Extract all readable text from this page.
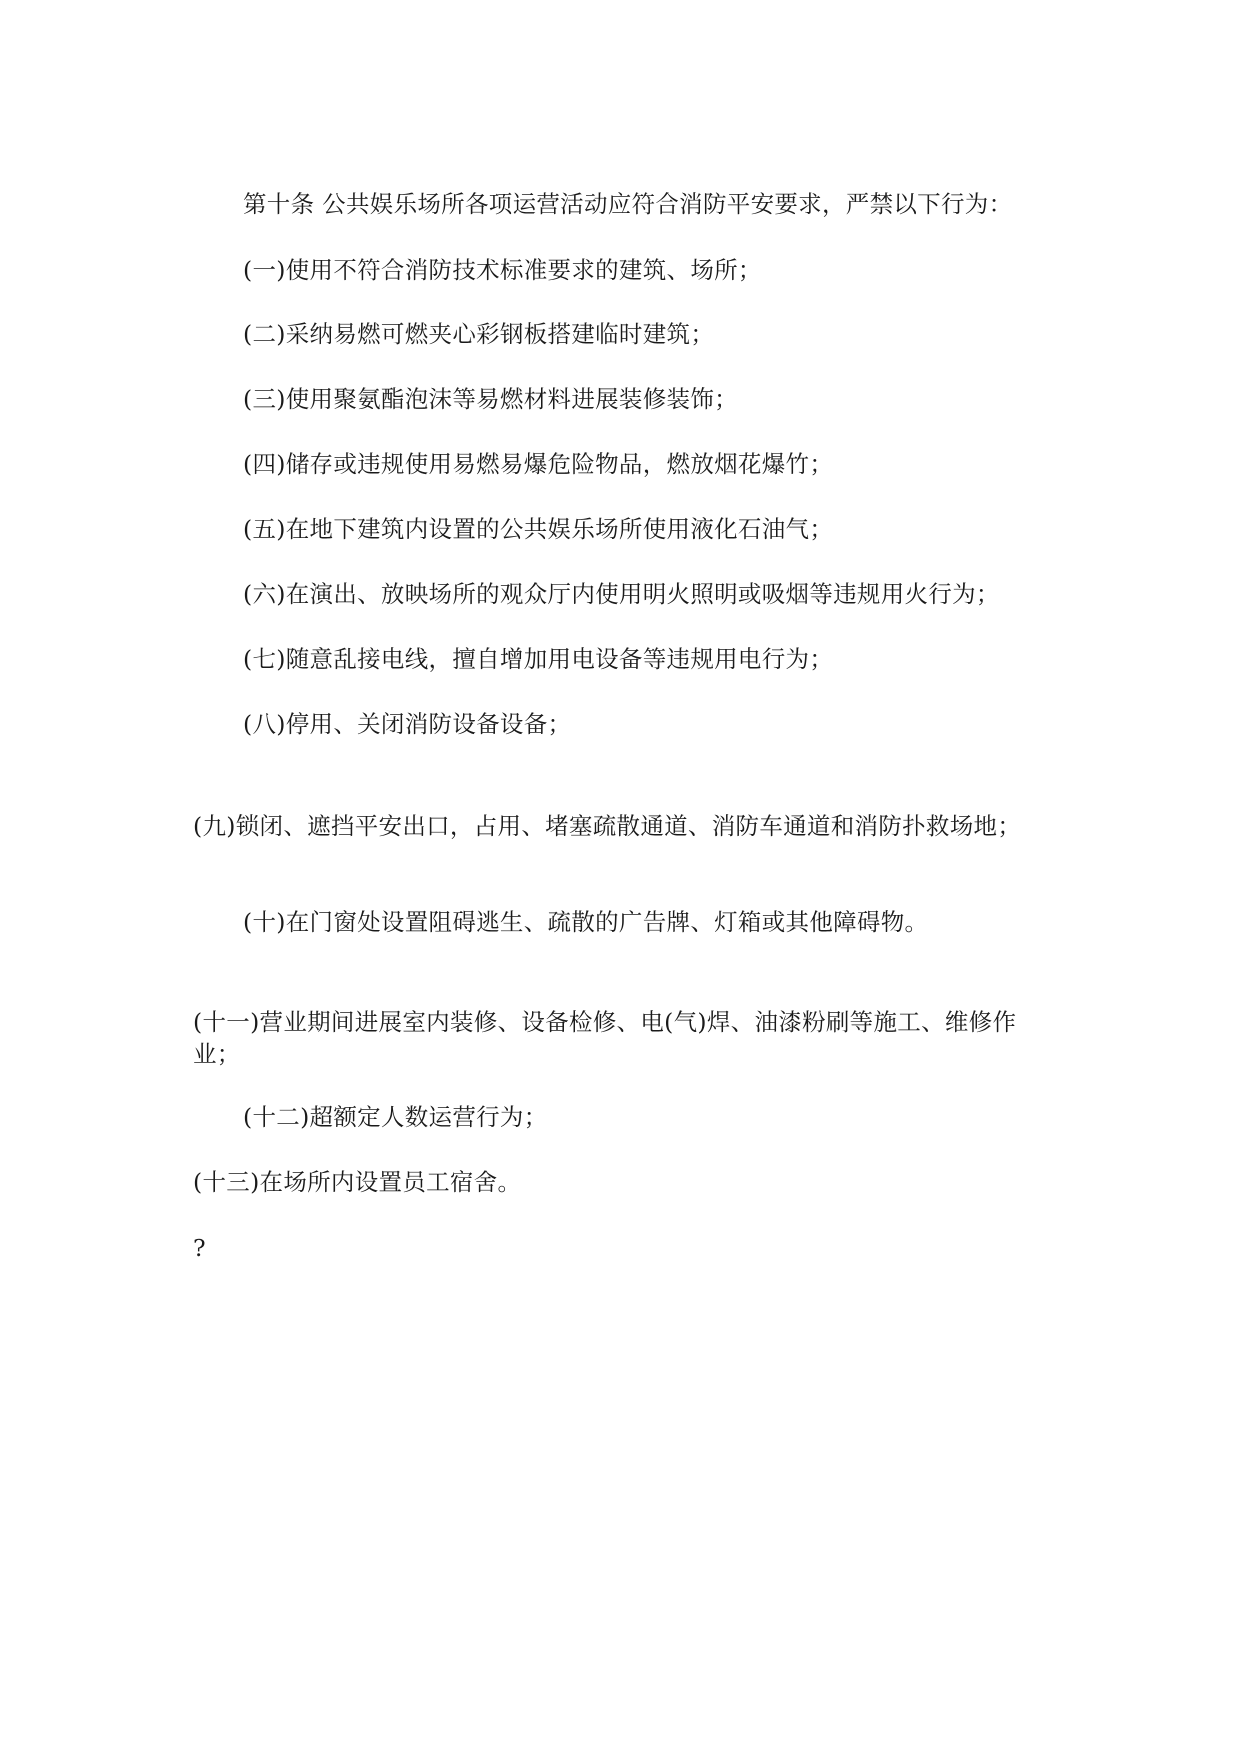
第十条 公共娱乐场所各项运营活动应符合消防平安要求，严禁以下行为：

(一)使用不符合消防技术标准要求的建筑、场所；

(二)采纳易燃可燃夹心彩钢板搭建临时建筑；

(三)使用聚氨酯泡沫等易燃材料进展装修装饰；

(四)储存或违规使用易燃易爆危险物品，燃放烟花爆竹；

(五)在地下建筑内设置的公共娱乐场所使用液化石油气；

(六)在演出、放映场所的观众厅内使用明火照明或吸烟等违规用火行为；

(七)随意乱接电线，擅自增加用电设备等违规用电行为；

(八)停用、关闭消防设备设备；

(九)锁闭、遮挡平安出口，占用、堵塞疏散通道、消防车通道和消防扑救场地；

(十)在门窗处设置阻碍逃生、疏散的广告牌、灯箱或其他障碍物。

(十一)营业期间进展室内装修、设备检修、电(气)焊、油漆粉刷等施工、维修作业；

(十二)超额定人数运营行为；

(十三)在场所内设置员工宿舍。

?
